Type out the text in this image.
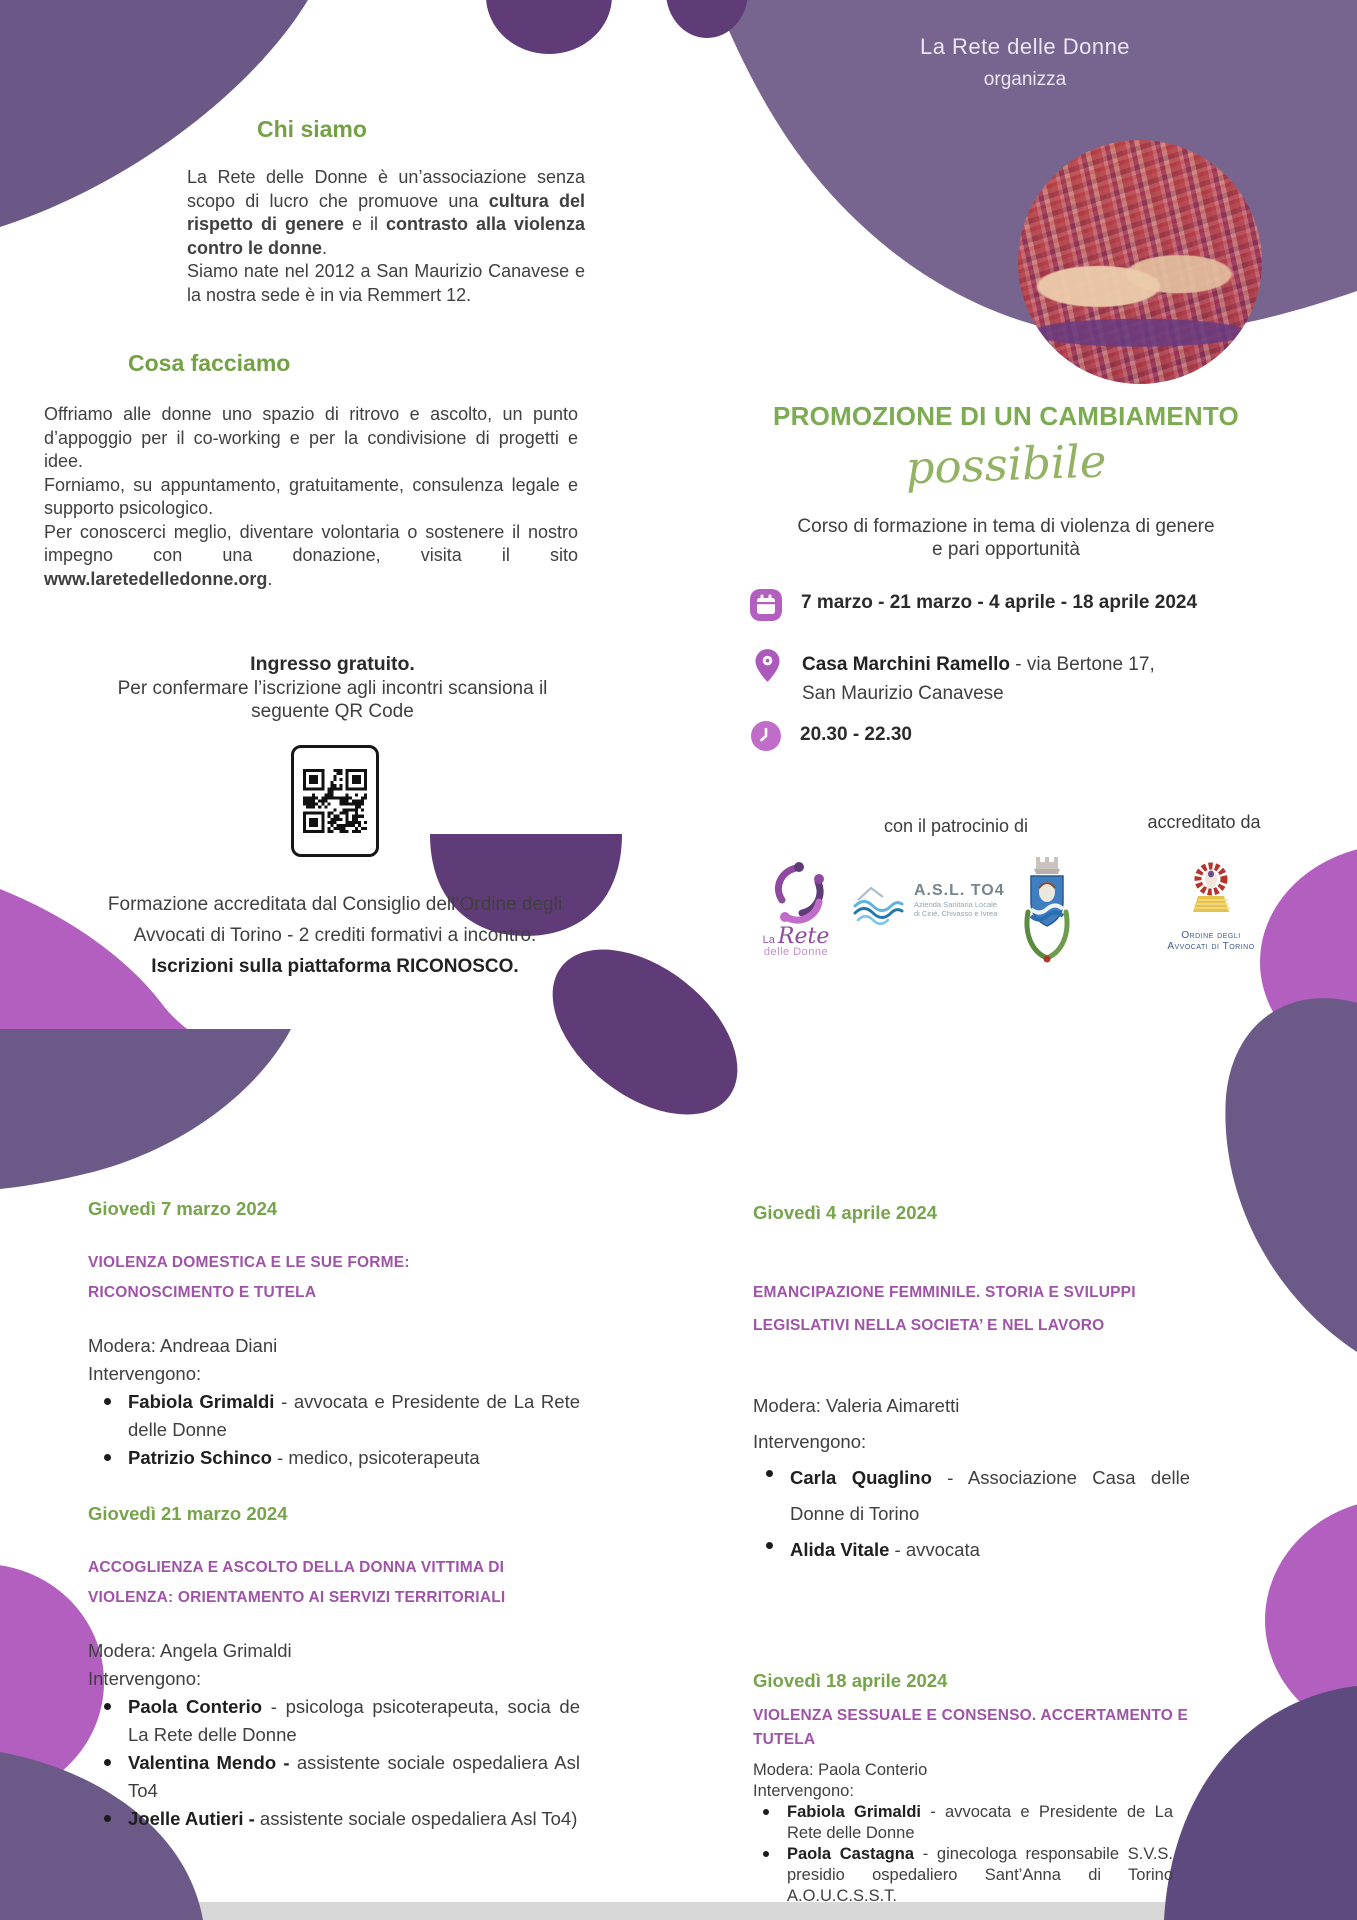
Chi siamo

La Rete delle Donne è un’associazione senza scopo di lucro che promuove una cultura del rispetto di genere e il contrasto alla violenza contro le donne.
Siamo nate nel 2012 a San Maurizio Canavese e la nostra sede è in via Remmert 12.

Cosa facciamo

Offriamo alle donne uno spazio di ritrovo e ascolto, un punto d’appoggio per il co-working e per la condivisione di progetti e idee.
Forniamo, su appuntamento, gratuitamente, consulenza legale e supporto psicologico.
Per conoscerci meglio, diventare volontaria o sostenere il nostro impegno con una donazione, visita il sito www.laretedelledonne.org.

Ingresso gratuito.
Per confermare l’iscrizione agli incontri scansiona il
seguente QR Code
Formazione accreditata dal Consiglio dell’Ordine degli
Avvocati di Torino - 2 crediti formativi a incontro.
Iscrizioni sulla piattaforma RICONOSCO.
La Rete delle Donne
organizza
PROMOZIONE DI UN CAMBIAMENTO
possibile
Corso di formazione in tema di violenza di genere
e pari opportunità
7 marzo - 21 marzo - 4 aprile - 18 aprile 2024
Casa Marchini Ramello - via Bertone 17,
San Maurizio Canavese
20.30 - 22.30
con il patrocinio di	accreditato da
La Rete
delle Donne
A.S.L. TO4
Azienda Sanitaria Locale
di Ciriè, Chivasso e Ivrea
Ordine degli
Avvocati di Torino
Giovedì 7 marzo 2024
VIOLENZA DOMESTICA E LE SUE FORME:
RICONOSCIMENTO E TUTELA
Modera: Andreaa Diani
Intervengono:
Fabiola Grimaldi - avvocata e Presidente de La Rete delle Donne
Patrizio Schinco - medico, psicoterapeuta
Giovedì 21 marzo 2024
ACCOGLIENZA E ASCOLTO DELLA DONNA VITTIMA DI
VIOLENZA: ORIENTAMENTO AI SERVIZI TERRITORIALI
Modera: Angela Grimaldi
Intervengono:
Paola Conterio - psicologa psicoterapeuta, socia de La Rete delle Donne
Valentina Mendo - assistente sociale ospedaliera Asl To4
Joelle Autieri - assistente sociale ospedaliera Asl To4)
Giovedì 4 aprile 2024
EMANCIPAZIONE FEMMINILE. STORIA E SVILUPPI
LEGISLATIVI NELLA SOCIETA’ E NEL LAVORO
Modera: Valeria Aimaretti
Intervengono:
Carla Quaglino - Associazione Casa delle Donne di Torino
Alida Vitale - avvocata
Giovedì 18 aprile 2024
VIOLENZA SESSUALE E CONSENSO. ACCERTAMENTO E
TUTELA
Modera: Paola Conterio
Intervengono:
Fabiola Grimaldi - avvocata e Presidente de La Rete delle Donne
Paola Castagna - ginecologa responsabile S.V.S. presidio ospedaliero Sant’Anna di Torino A.O.U.C.S.S.T.
